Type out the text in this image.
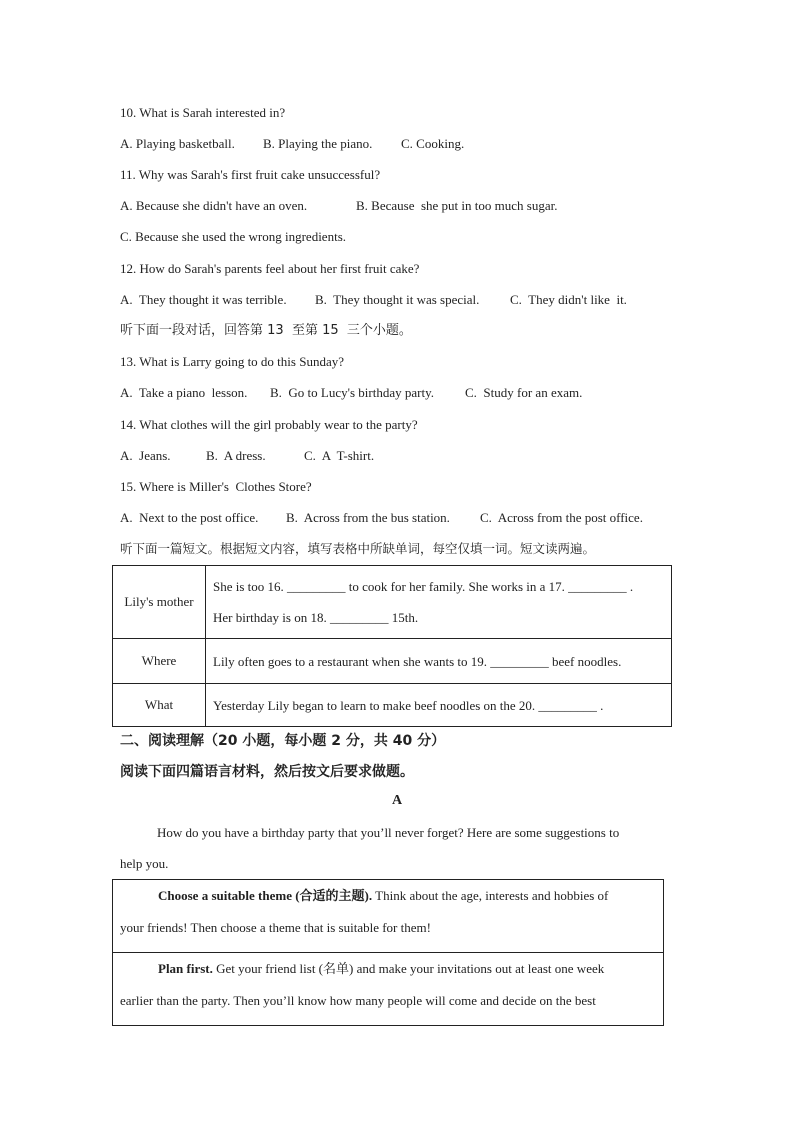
10. What is Sarah interested in?
A. Playing basketball. B. Playing the piano. C. Cooking.
11. Why was Sarah's first fruit cake unsuccessful?
A. Because she didn't have an oven.	B. Because  she put in too much sugar.
C. Because she used the wrong ingredients.
12. How do Sarah's parents feel about her first fruit cake?
A.  They thought it was terrible. B.  They thought it was special. C.  They didn't like  it.
听下面一段对话，回答第 13  至第 15  三个小题。
13. What is Larry going to do this Sunday?
A.  Take a piano  lesson. B.  Go to Lucy's birthday party. C.  Study for an exam.
14. What clothes will the girl probably wear to the party?
A.  Jeans.	B.  A dress.	C.  A  T-shirt.
15. Where is Miller's  Clothes Store?
A.  Next to the post office. B.  Across from the bus station. C.  Across from the post office.
听下面一篇短文。根据短文内容，填写表格中所缺单词，每空仅填一词。短文读两遍。
Lily's mother	She is too 16. _________ to cook for her family. She works in a 17. _________ .
Her birthday is on 18. _________ 15th.

Where	Lily often goes to a restaurant when she wants to 19. _________ beef noodles.

What	Yesterday Lily began to learn to make beef noodles on the 20. _________ .
二、阅读理解（20 小题，每小题 2 分，共 40 分）
阅读下面四篇语言材料，然后按文后要求做题。
A
How do you have a birthday party that you’ll never forget? Here are some suggestions to
help you.
Choose a suitable theme (合适的主题). Think about the age, interests and hobbies of
your friends! Then choose a theme that is suitable for them!
Plan first. Get your friend list (名单) and make your invitations out at least one week
earlier than the party. Then you’ll know how many people will come and decide on the best
